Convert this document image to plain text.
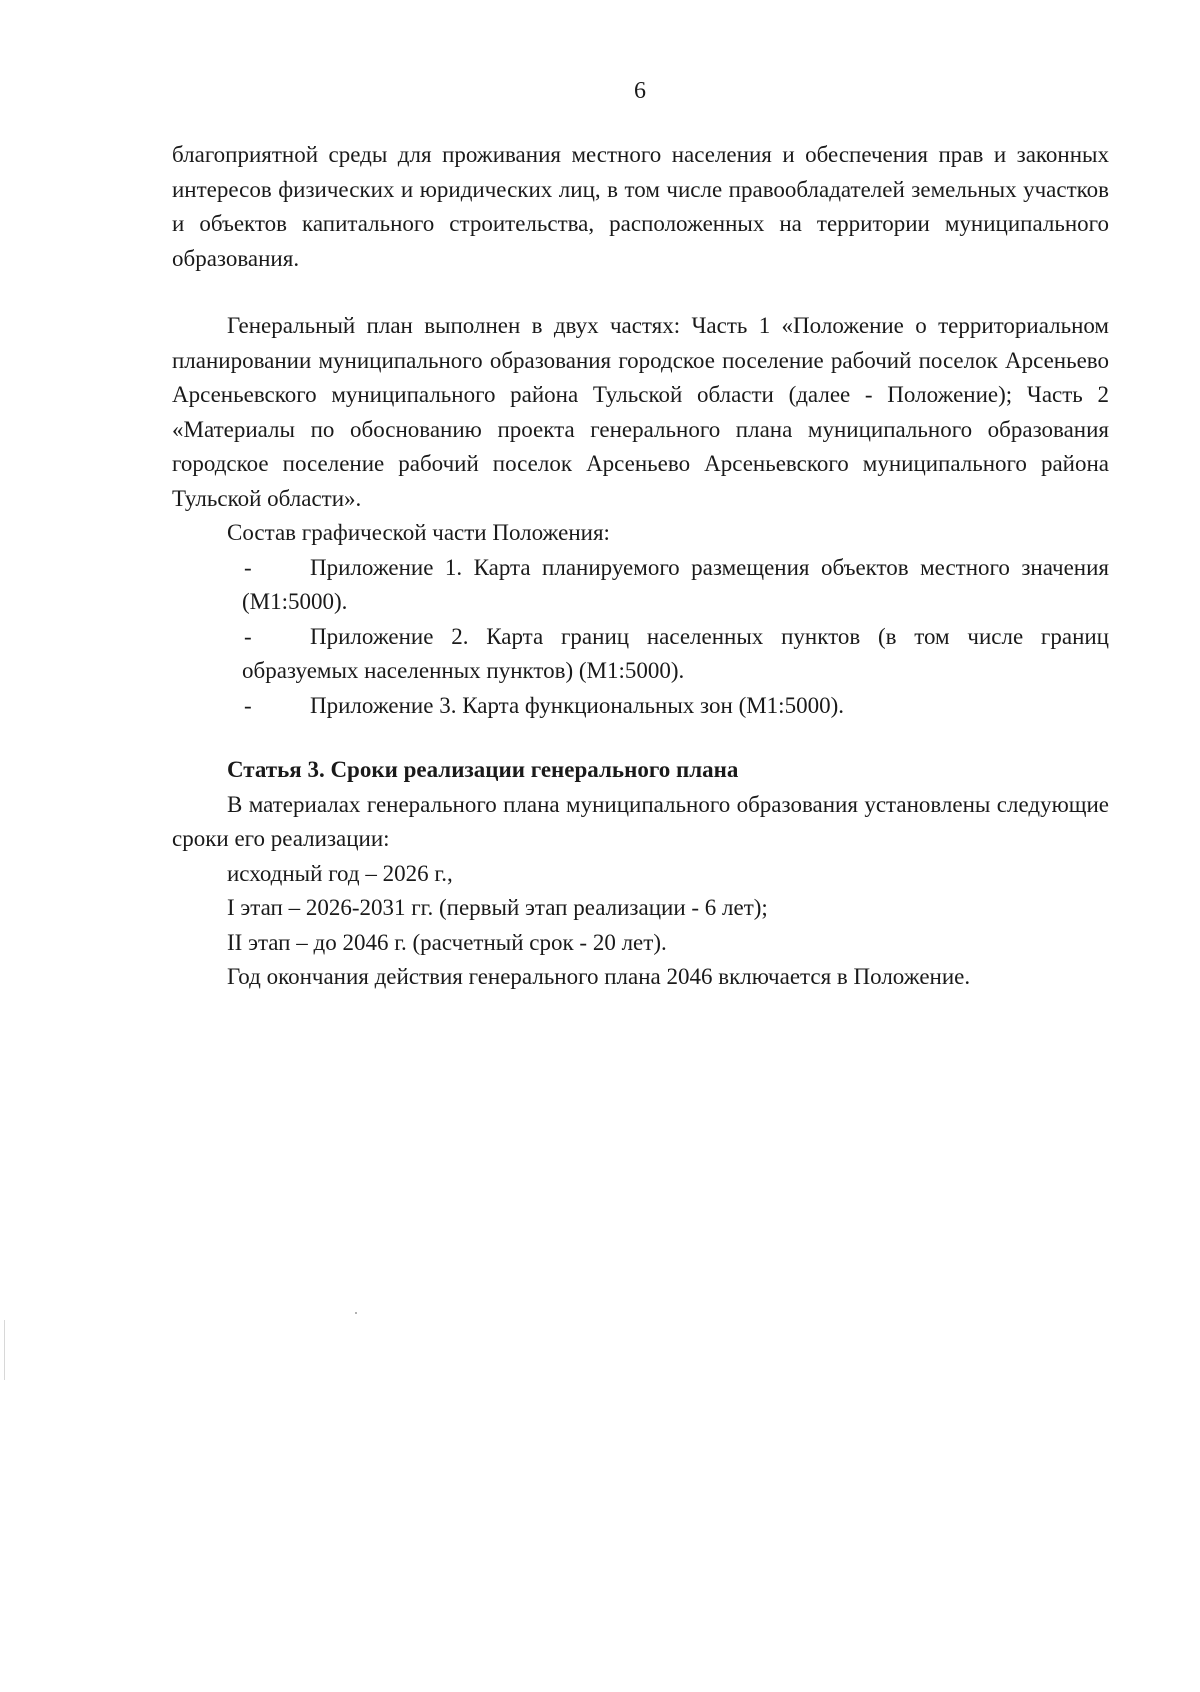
6

благоприятной среды для проживания местного населения и обеспечения прав и законных интересов физических и юридических лиц, в том числе правообладателей земельных участков и объектов капитального строительства, расположенных на территории муниципального образования.

Генеральный план выполнен в двух частях: Часть 1 «Положение о территориальном планировании муниципального образования городское поселение рабочий поселок Арсеньево Арсеньевского муниципального района Тульской области (далее - Положение); Часть 2 «Материалы по обоснованию проекта генерального плана муниципального образования городское поселение рабочий поселок Арсеньево Арсеньевского муниципального района Тульской области».

Состав графической части Положения:

-	Приложение 1. Карта планируемого размещения объектов местного значения (М1:5000).
-	Приложение 2. Карта границ населенных пунктов (в том числе границ образуемых населенных пунктов) (М1:5000).
-	Приложение 3. Карта функциональных зон (М1:5000).

Статья 3. Сроки реализации генерального плана

В материалах генерального плана муниципального образования установлены следующие сроки его реализации:

исходный год – 2026 г.,

I этап – 2026-2031 гг. (первый этап реализации - 6 лет);

II этап – до 2046 г. (расчетный срок - 20 лет).

Год окончания действия генерального плана 2046 включается в Положение.
